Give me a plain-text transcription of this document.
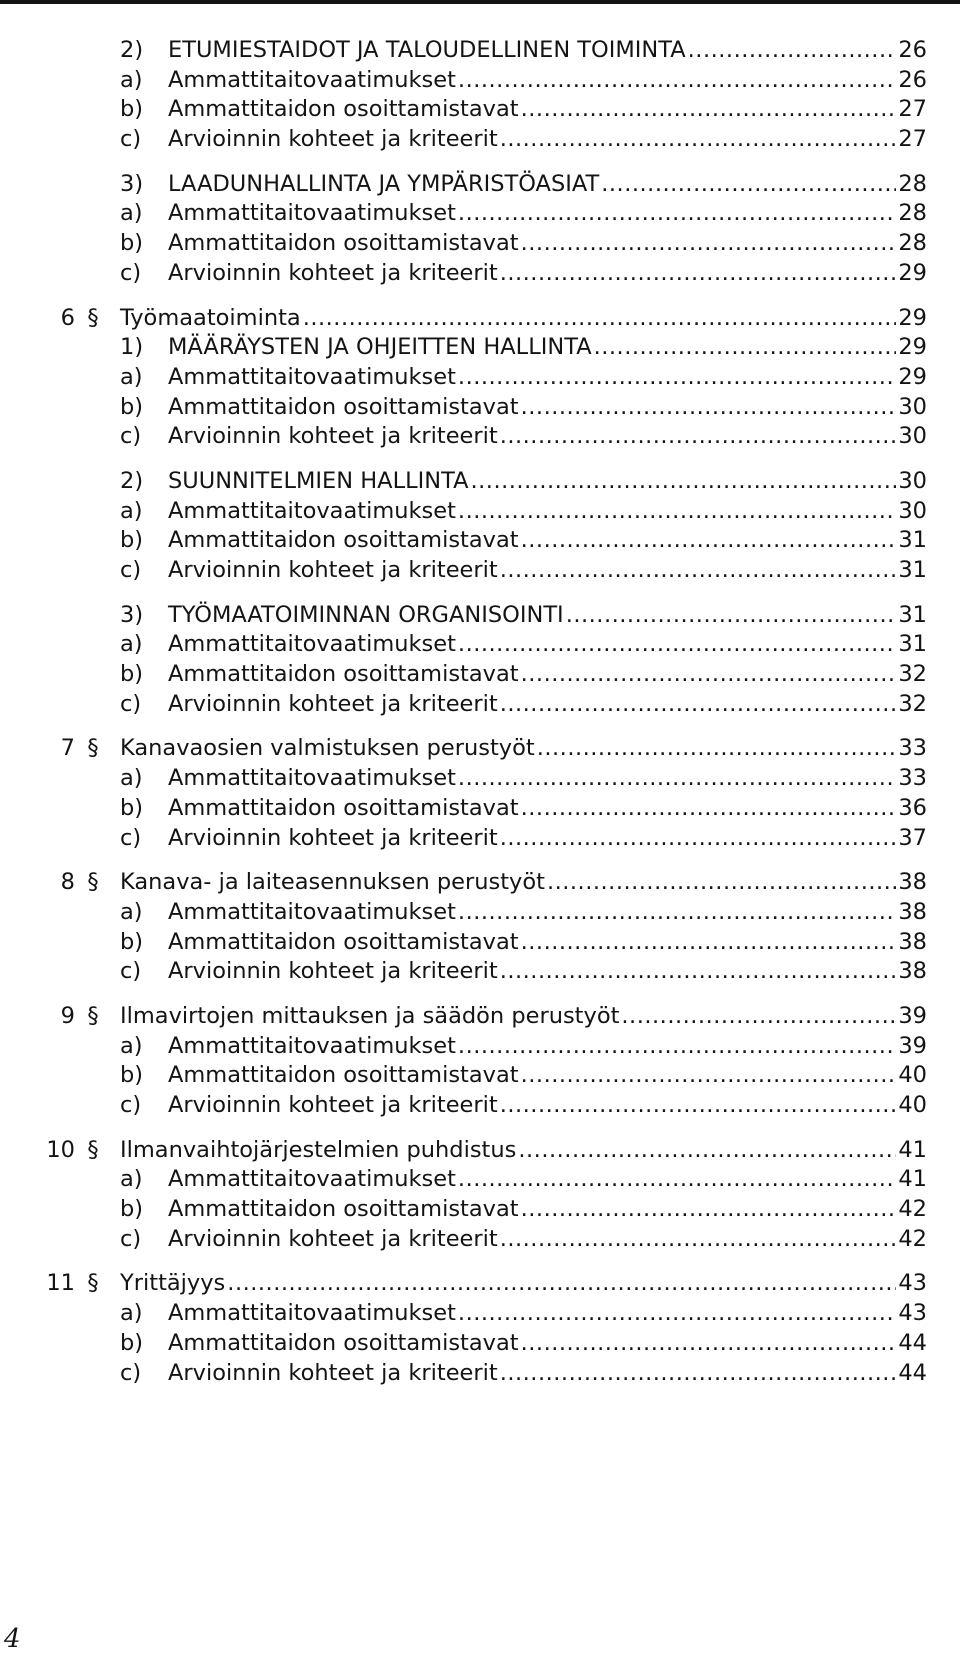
2)	ETUMIESTAIDOT JA TALOUDELLINEN TOIMINTA .....	26
a)	Ammattitaitovaatimukset .....	26
b)	Ammattitaidon osoittamistavat .....	27
c)	Arvioinnin kohteet ja kriteerit .....	27
3)	LAADUNHALLINTA JA YMPÄRISTÖASIAT .....	28
a)	Ammattitaitovaatimukset .....	28
b)	Ammattitaidon osoittamistavat .....	28
c)	Arvioinnin kohteet ja kriteerit .....	29
6 § Työmaatoiminta .....	29
1)	MÄÄRÄYSTEN JA OHJEITTEN HALLINTA .....	29
a)	Ammattitaitovaatimukset .....	29
b)	Ammattitaidon osoittamistavat .....	30
c)	Arvioinnin kohteet ja kriteerit .....	30
2)	SUUNNITELMIEN HALLINTA .....	30
a)	Ammattitaitovaatimukset .....	30
b)	Ammattitaidon osoittamistavat .....	31
c)	Arvioinnin kohteet ja kriteerit .....	31
3)	TYÖMAATOIMINNAN ORGANISOINTI .....	31
a)	Ammattitaitovaatimukset .....	31
b)	Ammattitaidon osoittamistavat .....	32
c)	Arvioinnin kohteet ja kriteerit .....	32
7 § Kanavaosien valmistuksen perustyöt .....	33
a)	Ammattitaitovaatimukset .....	33
b)	Ammattitaidon osoittamistavat .....	36
c)	Arvioinnin kohteet ja kriteerit .....	37
8 § Kanava- ja laiteasennuksen perustyöt .....	38
a)	Ammattitaitovaatimukset .....	38
b)	Ammattitaidon osoittamistavat .....	38
c)	Arvioinnin kohteet ja kriteerit .....	38
9 § Ilmavirtojen mittauksen ja säädön perustyöt .....	39
a)	Ammattitaitovaatimukset .....	39
b)	Ammattitaidon osoittamistavat .....	40
c)	Arvioinnin kohteet ja kriteerit .....	40
10 § Ilmanvaihtojärjestelmien puhdistus .....	41
a)	Ammattitaitovaatimukset .....	41
b)	Ammattitaidon osoittamistavat .....	42
c)	Arvioinnin kohteet ja kriteerit .....	42
11 § Yrittäjyys .....	43
a)	Ammattitaitovaatimukset .....	43
b)	Ammattitaidon osoittamistavat .....	44
c)	Arvioinnin kohteet ja kriteerit .....	44
4
